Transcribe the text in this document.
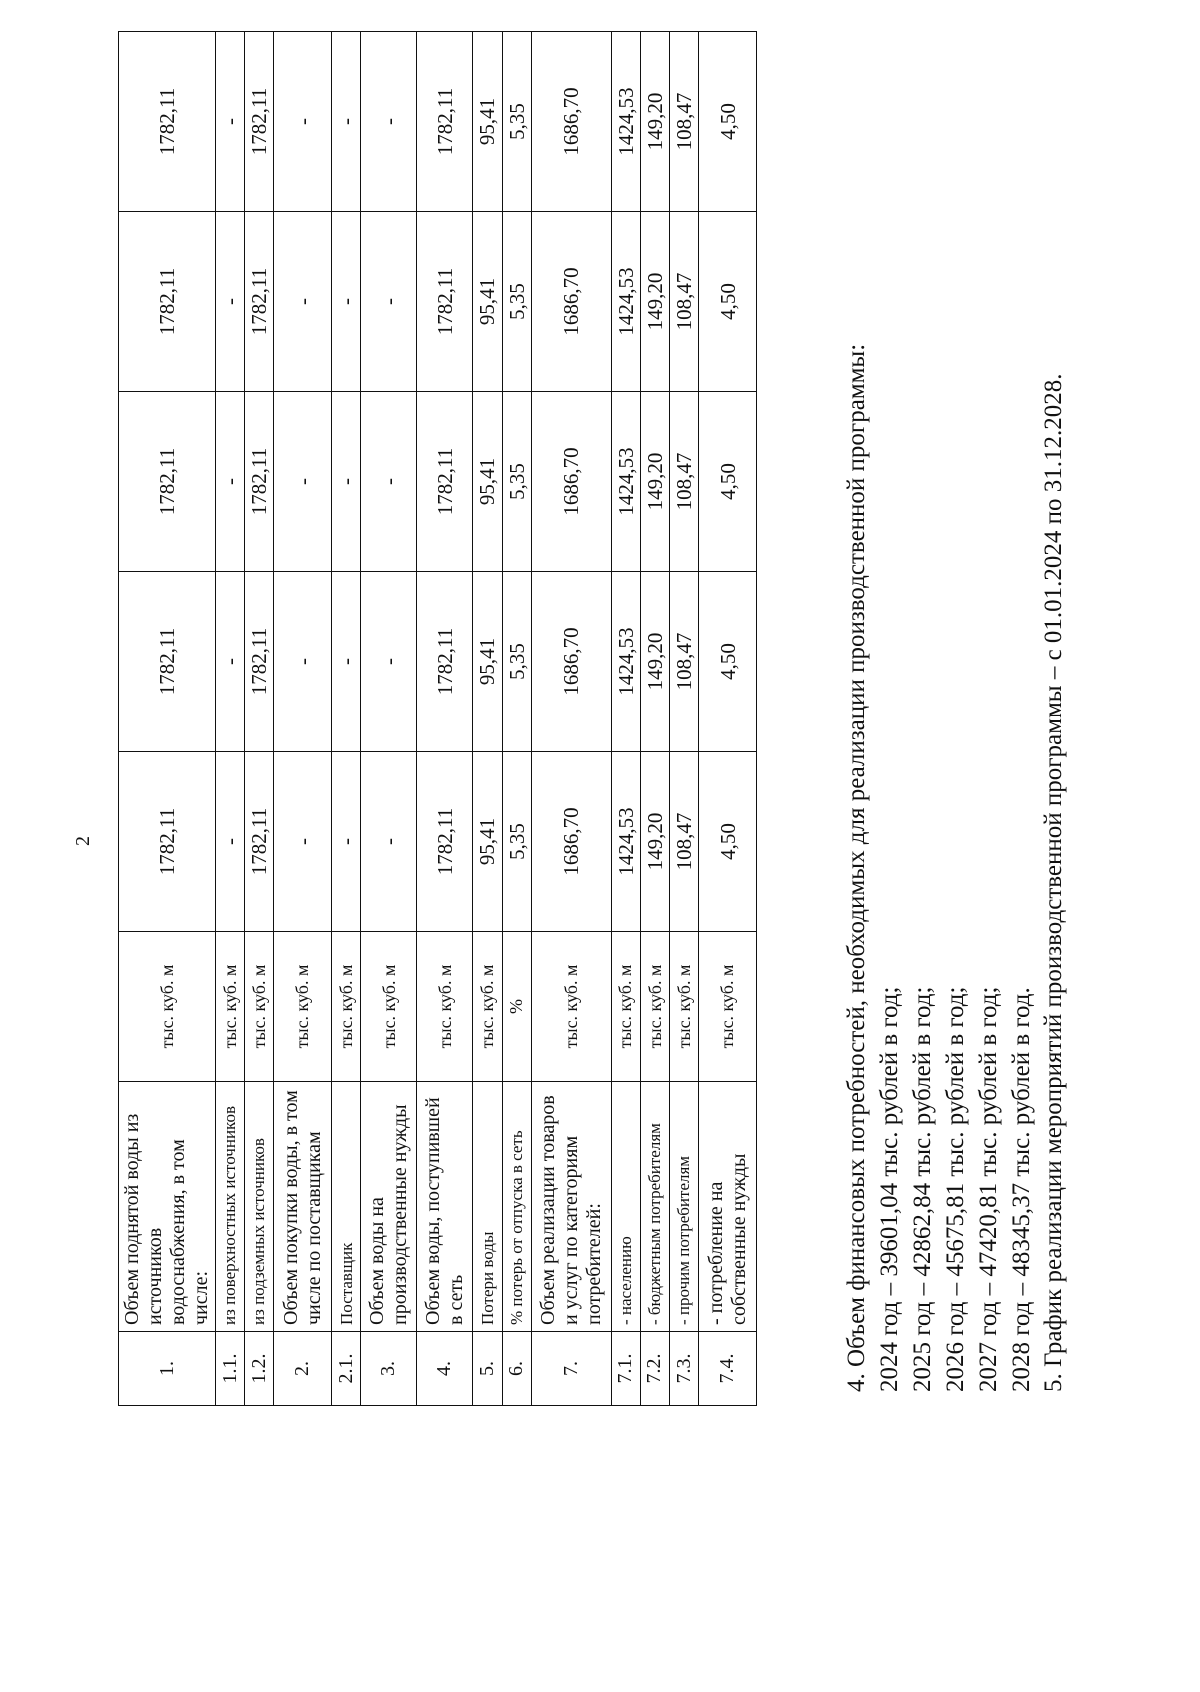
2
1.	Объем поднятой воды из источников водоснабжения, в том числе:	тыс. куб. м	1782,11	1782,11	1782,11	1782,11	1782,11
1.1.	из поверхностных источников	тыс. куб. м	-	-	-	-	-
1.2.	из подземных источников	тыс. куб. м	1782,11	1782,11	1782,11	1782,11	1782,11
2.	Объем покупки воды, в том числе по поставщикам	тыс. куб. м	-	-	-	-	-
2.1.	Поставщик	тыс. куб. м	-	-	-	-	-
3.	Объем воды на производственные нужды	тыс. куб. м	-	-	-	-	-
4.	Объем воды, поступившей в сеть	тыс. куб. м	1782,11	1782,11	1782,11	1782,11	1782,11
5.	Потери воды	тыс. куб. м	95,41	95,41	95,41	95,41	95,41
6.	% потерь от отпуска в сеть	%	5,35	5,35	5,35	5,35	5,35
7.	Объем реализации товаров и услуг по категориям потребителей:	тыс. куб. м	1686,70	1686,70	1686,70	1686,70	1686,70
7.1.	- населению	тыс. куб. м	1424,53	1424,53	1424,53	1424,53	1424,53
7.2.	- бюджетным потребителям	тыс. куб. м	149,20	149,20	149,20	149,20	149,20
7.3.	- прочим потребителям	тыс. куб. м	108,47	108,47	108,47	108,47	108,47
7.4.	- потребление на собственные нужды	тыс. куб. м	4,50	4,50	4,50	4,50	4,50
4. Объем финансовых потребностей, необходимых для реализации производственной программы: 2024 год – 39601,04 тыс. рублей в год; 2025 год – 42862,84 тыс. рублей в год; 2026 год – 45675,81 тыс. рублей в год; 2027 год – 47420,81 тыс. рублей в год; 2028 год – 48345,37 тыс. рублей в год. 5. График реализации мероприятий производственной программы – с 01.01.2024 по 31.12.2028.
